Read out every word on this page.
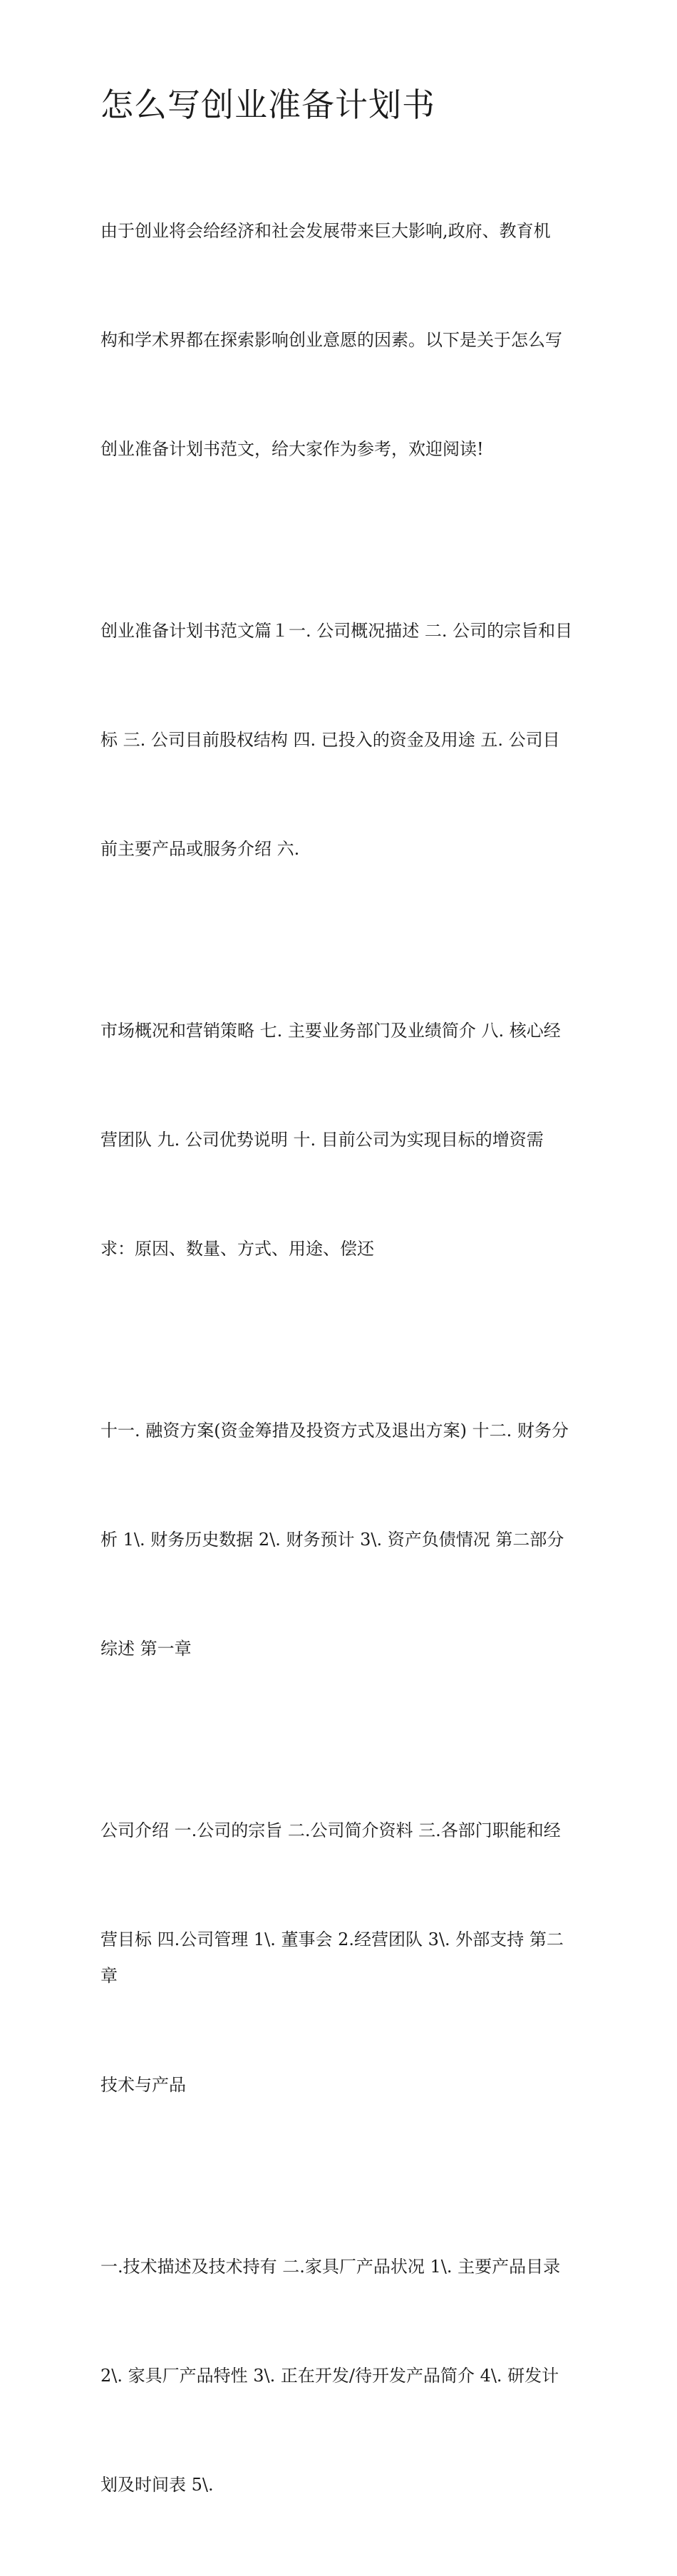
怎么写创业准备计划书

由于创业将会给经济和社会发展带来巨大影响,政府、教育机

构和学术界都在探索影响创业意愿的因素。以下是关于怎么写

创业准备计划书范文，给大家作为参考，欢迎阅读!

创业准备计划书范文篇１一. 公司概况描述 二. 公司的宗旨和目

标 三. 公司目前股权结构 四. 已投入的资金及用途 五. 公司目

前主要产品或服务介绍 六.

市场概况和营销策略 七. 主要业务部门及业绩简介 八. 核心经

营团队 九. 公司优势说明 十. 目前公司为实现目标的增资需

求：原因、数量、方式、用途、偿还

十一. 融资方案(资金筹措及投资方式及退出方案) 十二. 财务分

析 1\. 财务历史数据 2\. 财务预计 3\. 资产负债情况 第二部分

综述 第一章

公司介绍 一.公司的宗旨 二.公司简介资料 三.各部门职能和经

营目标 四.公司管理 1\. 董事会 2.经营团队 3\. 外部支持 第二章

技术与产品

一.技术描述及技术持有 二.家具厂产品状况 1\. 主要产品目录

2\. 家具厂产品特性 3\. 正在开发/待开发产品简介 4\. 研发计

划及时间表 5\.
